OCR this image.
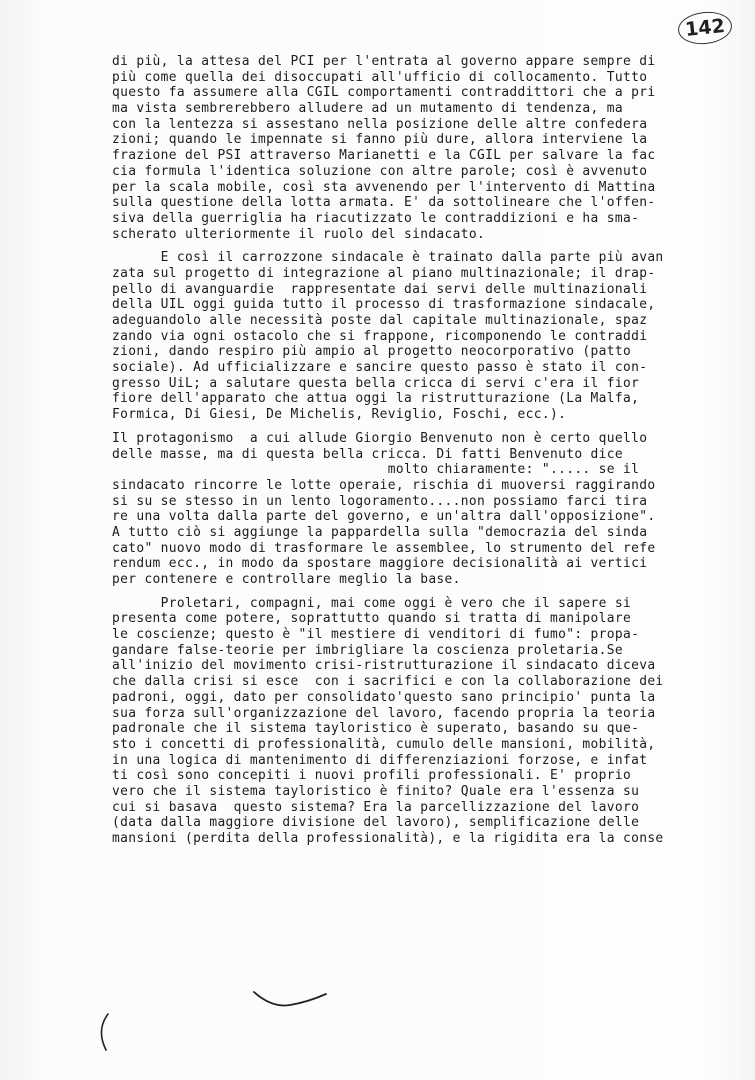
142
di più, la attesa del PCI per l'entrata al governo appare sempre di
più come quella dei disoccupati all'ufficio di collocamento. Tutto
questo fa assumere alla CGIL comportamenti contraddittori che a pri
ma vista sembrerebbero alludere ad un mutamento di tendenza, ma
con la lentezza si assestano nella posizione delle altre confedera
zioni; quando le impennate si fanno più dure, allora interviene la
frazione del PSI attraverso Marianetti e la CGIL per salvare la fac
cia formula l'identica soluzione con altre parole; così è avvenuto
per la scala mobile, così sta avvenendo per l'intervento di Mattina
sulla questione della lotta armata. E' da sottolineare che l'offen-
siva della guerriglia ha riacutizzato le contraddizioni e ha sma-
scherato ulteriormente il ruolo del sindacato.
E così il carrozzone sindacale è trainato dalla parte più avan
zata sul progetto di integrazione al piano multinazionale; il drap-
pello di avanguardie  rappresentate dai servi delle multinazionali
della UIL oggi guida tutto il processo di trasformazione sindacale,
adeguandolo alle necessità poste dal capitale multinazionale, spaz
zando via ogni ostacolo che si frappone, ricomponendo le contraddi
zioni, dando respiro più ampio al progetto neocorporativo (patto
sociale). Ad ufficializzare e sancire questo passo è stato il con-
gresso UiL; a salutare questa bella cricca di servi c'era il fior
fiore dell'apparato che attua oggi la ristrutturazione (La Malfa,
Formica, Di Giesi, De Michelis, Reviglio, Foschi, ecc.).
Il protagonismo  a cui allude Giorgio Benvenuto non è certo quello
delle masse, ma di questa bella cricca. Di fatti Benvenuto dice
molto chiaramente: "..... se il
sindacato rincorre le lotte operaie, rischia di muoversi raggirando
si su se stesso in un lento logoramento....non possiamo farci tira
re una volta dalla parte del governo, e un'altra dall'opposizione".
A tutto ciò si aggiunge la pappardella sulla "democrazia del sinda
cato" nuovo modo di trasformare le assemblee, lo strumento del refe
rendum ecc., in modo da spostare maggiore decisionalità ai vertici
per contenere e controllare meglio la base.
Proletari, compagni, mai come oggi è vero che il sapere si
presenta come potere, soprattutto quando si tratta di manipolare
le coscienze; questo è "il mestiere di venditori di fumo": propa-
gandare false-teorie per imbrigliare la coscienza proletaria.Se
all'inizio del movimento crisi-ristrutturazione il sindacato diceva
che dalla crisi si esce  con i sacrifici e con la collaborazione dei
padroni, oggi, dato per consolidato'questo sano principio' punta la
sua forza sull'organizzazione del lavoro, facendo propria la teoria
padronale che il sistema tayloristico è superato, basando su que-
sto i concetti di professionalità, cumulo delle mansioni, mobilità,
in una logica di mantenimento di differenziazioni forzose, e infat
ti così sono concepiti i nuovi profili professionali. E' proprio
vero che il sistema tayloristico è finito? Quale era l'essenza su
cui si basava  questo sistema? Era la parcellizzazione del lavoro
(data dalla maggiore divisione del lavoro), semplificazione delle
mansioni (perdita della professionalità), e la rigidita era la conse
